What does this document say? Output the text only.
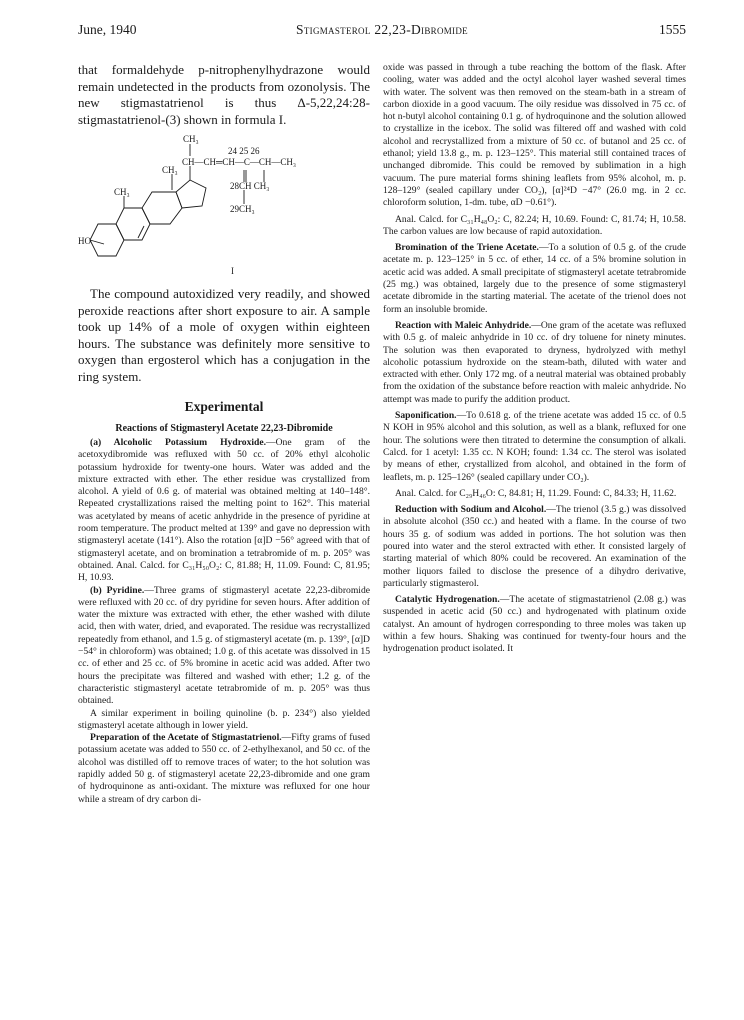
June, 1940	Stigmasterol 22,23-Dibromide	1555

that formaldehyde p-nitrophenylhydrazone would remain undetected in the products from ozonolysis. The new stigmastatrienol is thus Δ-5,22,24:28-stigmastatrienol-(3) shown in formula I.

CH₃
24 25 26
CH—CH═CH—C—CH—CH₃
CH₃
28CH CH₃
29CH₃
CH₃
HO
I

The compound autoxidized very readily, and showed peroxide reactions after short exposure to air. A sample took up 14% of a mole of oxygen within eighteen hours. The substance was definitely more sensitive to oxygen than ergosterol which has a conjugation in the ring system.

Experimental
Reactions of Stigmasteryl Acetate 22,23-Dibromide

(a) Alcoholic Potassium Hydroxide.—One gram of the acetoxydibromide was refluxed with 50 cc. of 20% ethyl alcoholic potassium hydroxide for twenty-one hours. Water was added and the mixture extracted with ether. The ether residue was crystallized from alcohol. A yield of 0.6 g. of material was obtained melting at 140–148°. Repeated crystallizations raised the melting point to 162°. This material was acetylated by means of acetic anhydride in the presence of pyridine at room temperature. The product melted at 139° and gave no depression with stigmasteryl acetate (141°). Also the rotation [α]D −56° agreed with that of stigmasteryl acetate, and on bromination a tetrabromide of m. p. 205° was obtained. Anal. Calcd. for C₃₁H₅₀O₂: C, 81.88; H, 11.09. Found: C, 81.95; H, 10.93.

(b) Pyridine.—Three grams of stigmasteryl acetate 22,23-dibromide were refluxed with 20 cc. of dry pyridine for seven hours. After addition of water the mixture was extracted with ether, the ether washed with dilute acid, then with water, dried, and evaporated. The residue was recrystallized repeatedly from ethanol, and 1.5 g. of stigmasteryl acetate (m. p. 139°, [α]D −54° in chloroform) was obtained; 1.0 g. of this acetate was dissolved in 15 cc. of ether and 25 cc. of 5% bromine in acetic acid was added. After two hours the precipitate was filtered and washed with ether; 1.2 g. of the characteristic stigmasteryl acetate tetrabromide of m. p. 205° was thus obtained.

A similar experiment in boiling quinoline (b. p. 234°) also yielded stigmasteryl acetate although in lower yield.

Preparation of the Acetate of Stigmastatrienol.—Fifty grams of fused potassium acetate was added to 550 cc. of 2-ethylhexanol, and 50 cc. of the alcohol was distilled off to remove traces of water; to the hot solution was rapidly added 50 g. of stigmasteryl acetate 22,23-dibromide and one gram of hydroquinone as anti-oxidant. The mixture was refluxed for one hour while a stream of dry carbon di-

oxide was passed in through a tube reaching the bottom of the flask. After cooling, water was added and the octyl alcohol layer washed several times with water. The solvent was then removed on the steam-bath in a stream of carbon dioxide in a good vacuum. The oily residue was dissolved in 75 cc. of hot n-butyl alcohol containing 0.1 g. of hydroquinone and the solution allowed to crystallize in the icebox. The solid was filtered off and washed with cold alcohol and recrystallized from a mixture of 50 cc. of butanol and 25 cc. of ethanol; yield 13.8 g., m. p. 123–125°. This material still contained traces of unchanged dibromide. This could be removed by sublimation in a high vacuum. The pure material forms shining leaflets from 95% alcohol, m. p. 128–129° (sealed capillary under CO₂), [α]²⁴D −47° (26.0 mg. in 2 cc. chloroform solution, 1-dm. tube, αD −0.61°).

Anal. Calcd. for C₃₁H₄₈O₂: C, 82.24; H, 10.69. Found: C, 81.74; H, 10.58. The carbon values are low because of rapid autoxidation.

Bromination of the Triene Acetate.—To a solution of 0.5 g. of the crude acetate m. p. 123–125° in 5 cc. of ether, 14 cc. of a 5% bromine solution in acetic acid was added. A small precipitate of stigmasteryl acetate tetrabromide (25 mg.) was obtained, largely due to the presence of some stigmasteryl acetate dibromide in the starting material. The acetate of the trienol does not form an insoluble bromide.

Reaction with Maleic Anhydride.—One gram of the acetate was refluxed with 0.5 g. of maleic anhydride in 10 cc. of dry toluene for ninety minutes. The solution was then evaporated to dryness, hydrolyzed with methyl alcoholic potassium hydroxide on the steam-bath, diluted with water and extracted with ether. Only 172 mg. of a neutral material was obtained probably from the oxidation of the substance before reaction with maleic anhydride. No attempt was made to purify the addition product.

Saponification.—To 0.618 g. of the triene acetate was added 15 cc. of 0.5 N KOH in 95% alcohol and this solution, as well as a blank, refluxed for one hour. The solutions were then titrated to determine the consumption of alkali. Calcd. for 1 acetyl: 1.35 cc. N KOH; found: 1.34 cc. The sterol was isolated by means of ether, crystallized from alcohol, and obtained in the form of leaflets, m. p. 125–126° (sealed capillary under CO₂).

Anal. Calcd. for C₂₉H₄₆O: C, 84.81; H, 11.29. Found: C, 84.33; H, 11.62.

Reduction with Sodium and Alcohol.—The trienol (3.5 g.) was dissolved in absolute alcohol (350 cc.) and heated with a flame. In the course of two hours 35 g. of sodium was added in portions. The hot solution was then poured into water and the sterol extracted with ether. It consisted largely of starting material of which 80% could be recovered. An examination of the mother liquors failed to disclose the presence of a dihydro derivative, particularly stigmasterol.

Catalytic Hydrogenation.—The acetate of stigmastatrienol (2.08 g.) was suspended in acetic acid (50 cc.) and hydrogenated with platinum oxide catalyst. An amount of hydrogen corresponding to three moles was taken up within a few hours. Shaking was continued for twenty-four hours and the hydrogenation product isolated. It
